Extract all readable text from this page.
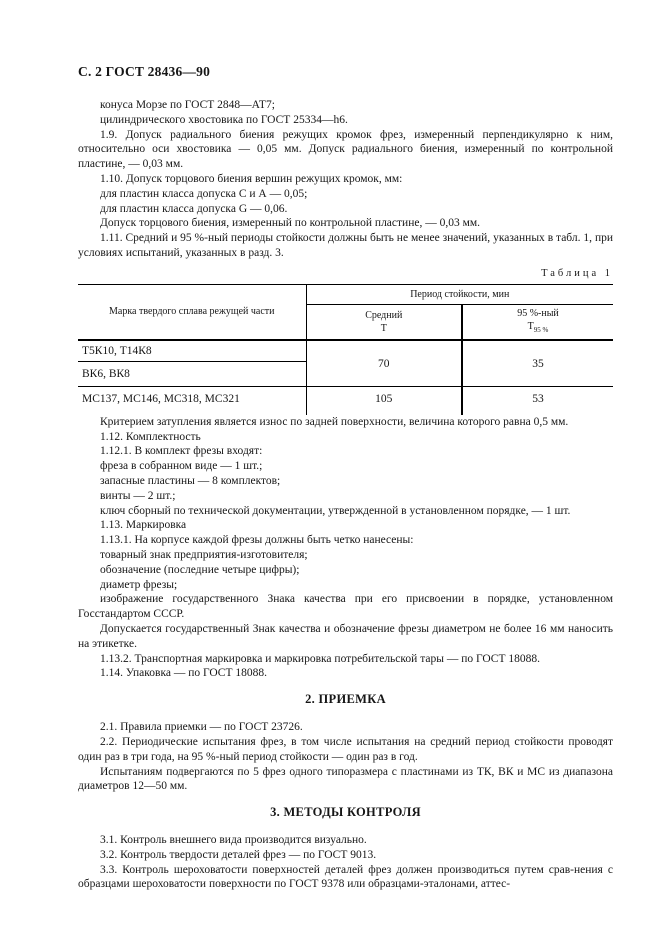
С. 2 ГОСТ 28436—90

конуса Морзе по ГОСТ 2848—АТ7;

цилиндрического хвостовика по ГОСТ 25334—h6.

1.9. Допуск радиального биения режущих кромок фрез, измеренный перпендикулярно к ним, относительно оси хвостовика — 0,05 мм. Допуск радиального биения, измеренный по контрольной пластине, — 0,03 мм.

1.10. Допуск торцового биения вершин режущих кромок, мм:

для пластин класса допуска С и А — 0,05;

для пластин класса допуска G — 0,06.

Допуск торцового биения, измеренный по контрольной пластине, — 0,03 мм.

1.11. Средний и 95 %-ный периоды стойкости должны быть не менее значений, указанных в табл. 1, при условиях испытаний, указанных в разд. 3.

Таблица 1
Марка твердого сплава режущей части	Период стойкости, мин	

Средний
Т

95 %-ный
$Т_{95 \%}$

Т5К10, Т14К8	70	35
ВК6, ВК8		
МС137, МС146, МС318, МС321	105	53

Критерием затупления является износ по задней поверхности, величина которого равна 0,5 мм.

1.12. Комплектность

1.12.1. В комплект фрезы входят:

фреза в собранном виде — 1 шт.;

запасные пластины — 8 комплектов;

винты — 2 шт.;

ключ сборный по технической документации, утвержденной в установленном порядке, — 1 шт.

1.13. Маркировка

1.13.1. На корпусе каждой фрезы должны быть четко нанесены:

товарный знак предприятия-изготовителя;

обозначение (последние четыре цифры);

диаметр фрезы;

изображение государственного Знака качества при его присвоении в порядке, установленном Госстандартом СССР.

Допускается государственный Знак качества и обозначение фрезы диаметром не более 16 мм наносить на этикетке.

1.13.2. Транспортная маркировка и маркировка потребительской тары — по ГОСТ 18088.

1.14. Упаковка — по ГОСТ 18088.

2. ПРИЕМКА

2.1. Правила приемки — по ГОСТ 23726.

2.2. Периодические испытания фрез, в том числе испытания на средний период стойкости проводят один раз в три года, на 95 %-ный период стойкости — один раз в год.

Испытаниям подвергаются по 5 фрез одного типоразмера с пластинами из ТК, ВК и МС из диапазона диаметров 12—50 мм.

3. МЕТОДЫ КОНТРОЛЯ

3.1. Контроль внешнего вида производится визуально.

3.2. Контроль твердости деталей фрез — по ГОСТ 9013.

3.3. Контроль шероховатости поверхностей деталей фрез должен производиться путем срав-нения с образцами шероховатости поверхности по ГОСТ 9378 или образцами-эталонами, аттес-
